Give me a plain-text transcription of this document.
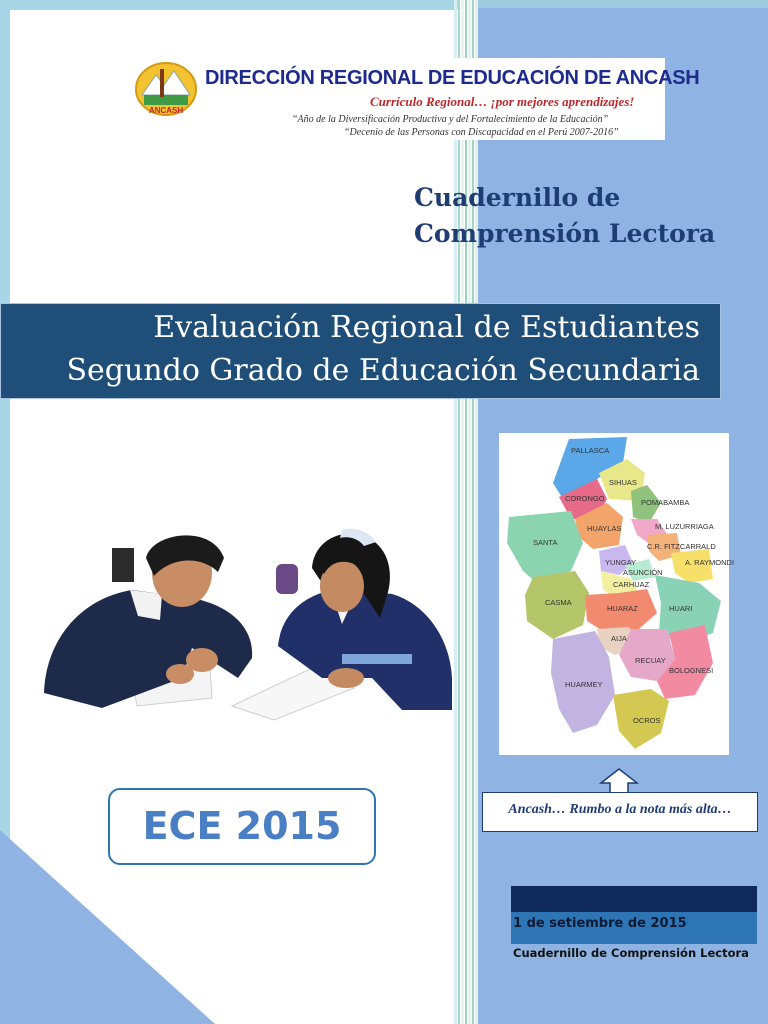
ANCASH
DIRECCIÓN REGIONAL DE EDUCACIÓN DE ANCASH
Currículo Regional… ¡por mejores aprendizajes!
“Año de la Diversificación Productiva y del Fortalecimiento de la Educación”
“Decenio de las Personas con Discapacidad en el Perú 2007-2016”
Cuadernillo de
Comprensión Lectora
Evaluación Regional de Estudiantes
Segundo Grado de Educación Secundaria
PALLASCA
SIHUAS
CORONGO	POMABAMBA
HUAYLAS	M. LUZURRIAGA
SANTA	C.R. FITZCARRALD
YUNGAY	A. RAYMONDI
ASUNCIÓN
CARHUAZ
CASMA
HUARAZ	HUARI
AIJA
RECUAY
HUARMEY
BOLOGNESI
OCROS
Ancash… Rumbo a la nota más alta…
ECE 2015
1 de setiembre de 2015
Cuadernillo de Comprensión Lectora
